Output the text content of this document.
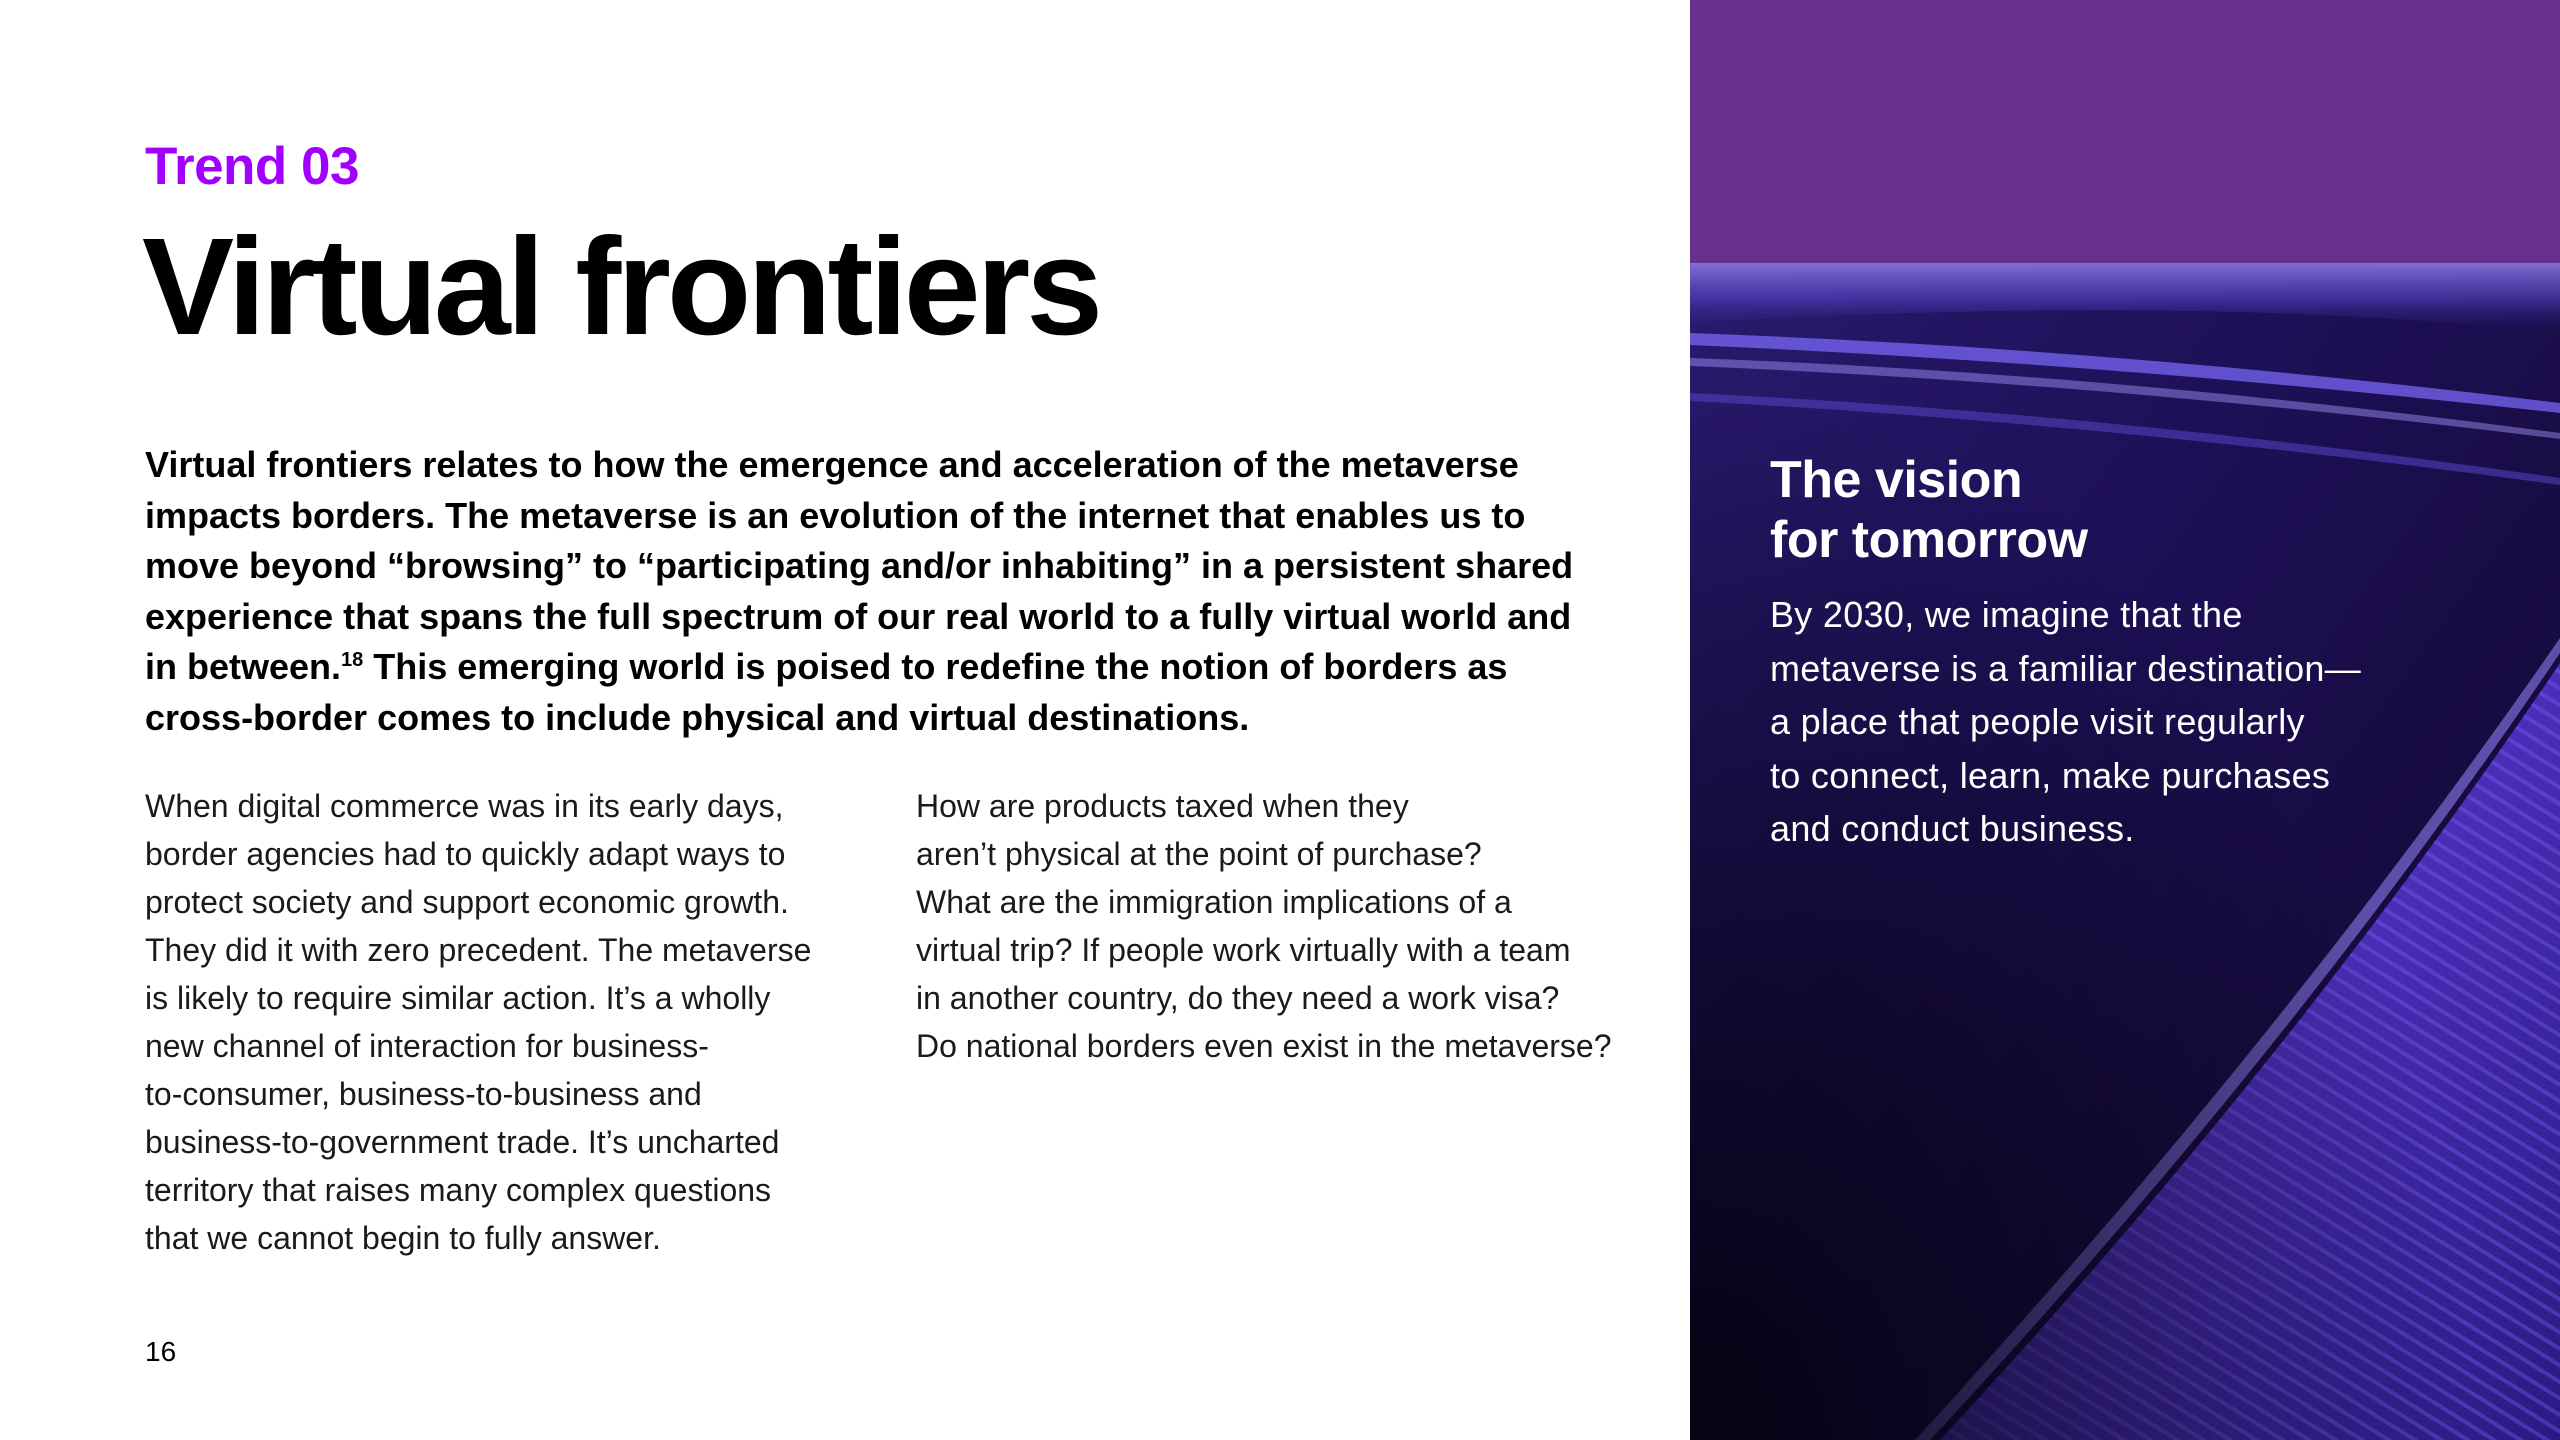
Trend 03
Virtual frontiers
Virtual frontiers relates to how the emergence and acceleration of the metaverse
impacts borders. The metaverse is an evolution of the internet that enables us to
move beyond “browsing” to “participating and/or inhabiting” in a persistent shared
experience that spans the full spectrum of our real world to a fully virtual world and
in between.$^{18}$ This emerging world is poised to redefine the notion of borders as
cross-border comes to include physical and virtual destinations.
When digital commerce was in its early days,
border agencies had to quickly adapt ways to
protect society and support economic growth.
They did it with zero precedent. The metaverse
is likely to require similar action. It’s a wholly
new channel of interaction for business-
to-consumer, business-to-business and
business-to-government trade. It’s uncharted
territory that raises many complex questions
that we cannot begin to fully answer.
How are products taxed when they
aren’t physical at the point of purchase?
What are the immigration implications of a
virtual trip? If people work virtually with a team
in another country, do they need a work visa?
Do national borders even exist in the metaverse?
16
The vision
for tomorrow
By 2030, we imagine that the
metaverse is a familiar destination—
a place that people visit regularly
to connect, learn, make purchases
and conduct business.
